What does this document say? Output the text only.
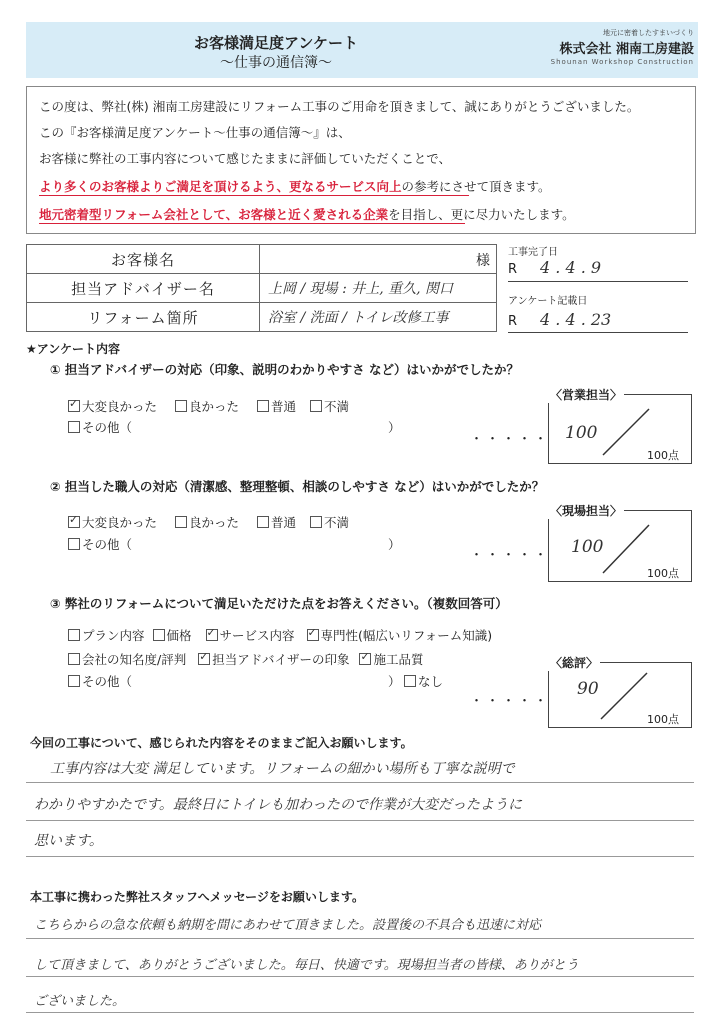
お客様満足度アンケート
〜仕事の通信簿〜
地元に密着したすまいづくり
株式会社 湘南工房建設
Shounan Workshop Construction
この度は、弊社(株) 湘南工房建設にリフォーム工事のご用命を頂きまして、誠にありがとうございました。
この『お客様満足度アンケート〜仕事の通信簿〜』は、
お客様に弊社の工事内容について感じたままに評価していただくことで、
より多くのお客様よりご満足を頂けるよう、更なるサービス向上の参考にさせて頂きます。
地元密着型リフォーム会社として、お客様と近く愛される企業を目指し、更に尽力いたします。
お客様名	様

担当アドバイザー名	上岡 / 現場 : 井上, 重久, 関口

リフォーム箇所	浴室 / 洗面 / トイレ改修工事
工事完了日
R 4 . 4 . 9
アンケート記載日
R 4 . 4 . 23
★アンケート内容
① 担当アドバイザーの対応（印象、説明のわかりやすさ など）はいかがでしたか？
✓大変良かった	良かった	普通 不満
その他（	）
・・・・・
〈営業担当〉
100
100点
② 担当した職人の対応（清潔感、整理整頓、相談のしやすさ など）はいかがでしたか？
✓大変良かった	良かった	普通 不満
その他（	）
・・・・・
〈現場担当〉
100
100点
③ 弊社のリフォームについて満足いただけた点をお答えください。（複数回答可）
プラン内容 価格 ✓ サービス内容 ✓ 専門性(幅広いリフォーム知識)
会社の知名度/評判 ✓ 担当アドバイザーの印象 ✓ 施工品質
その他（	）	なし
・・・・・
〈総評〉
90
100点
今回の工事について、感じられた内容をそのままご記入お願いします。
工事内容は大変 満足しています。リフォームの細かい場所も丁寧な説明で
わかりやすかたです。最終日にトイレも加わったので作業が大変だったように
思います。
本工事に携わった弊社スタッフへメッセージをお願いします。
こちらからの急な依頼も納期を間にあわせて頂きました。設置後の不具合も迅速に対応
して頂きまして、ありがとうございました。毎日、快適です。現場担当者の皆様、ありがとう
ございました。
